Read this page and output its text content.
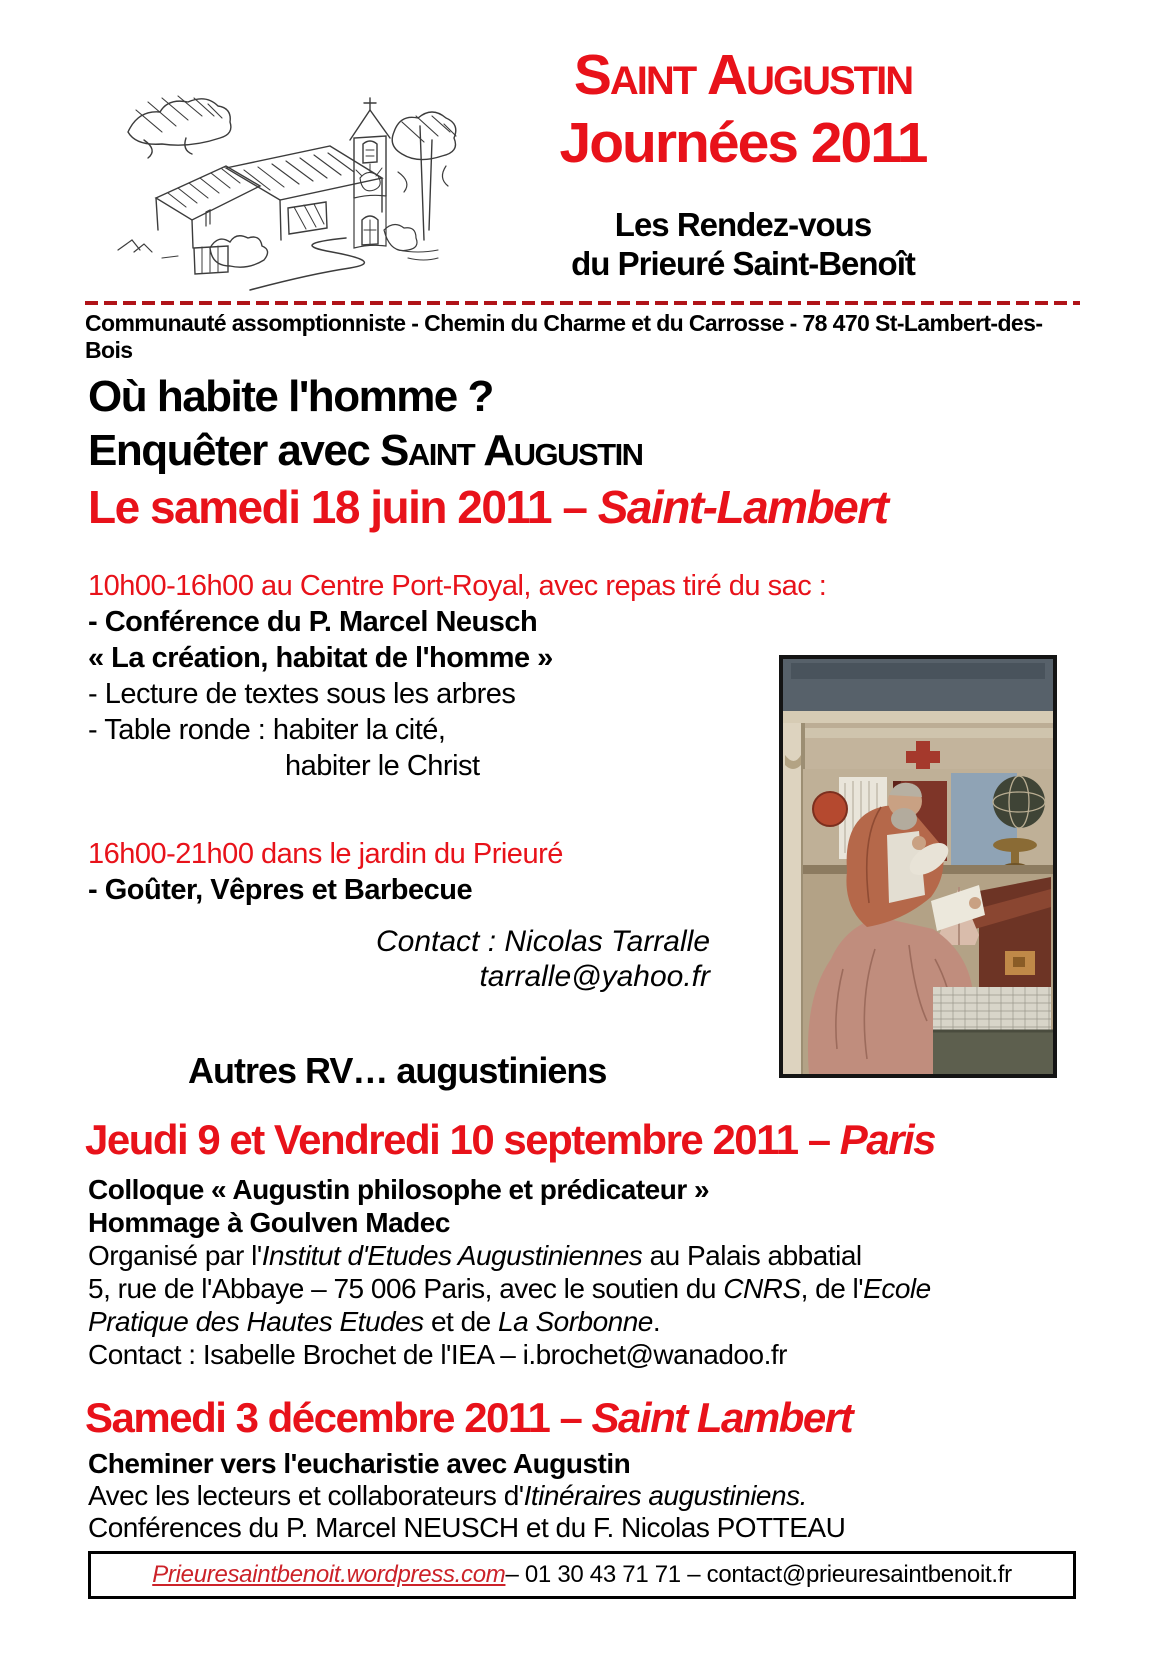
Saint Augustin
Journées 2011
Les Rendez-vous
du Prieuré Saint-Benoît
Communauté assomptionniste - Chemin du Charme et du Carrosse - 78 470 St-Lambert-des-Bois
Où habite l'homme ?
Enquêter avec Saint Augustin
Le samedi 18 juin 2011 – Saint-Lambert
10h00-16h00 au Centre Port-Royal, avec repas tiré du sac :
- Conférence du P. Marcel Neusch
« La création, habitat de l'homme »
- Lecture de textes sous les arbres
- Table ronde : habiter la cité,
habiter le Christ
16h00-21h00 dans le jardin du Prieuré
- Goûter, Vêpres et Barbecue
Contact : Nicolas Tarralle
tarralle@yahoo.fr
Autres RV… augustiniens
Jeudi 9 et Vendredi 10 septembre 2011 – Paris
Colloque « Augustin philosophe et prédicateur »
Hommage à Goulven Madec
Organisé par l'Institut d'Etudes Augustiniennes au Palais abbatial
5, rue de l'Abbaye – 75 006 Paris, avec le soutien du CNRS, de l'Ecole
Pratique des Hautes Etudes et de La Sorbonne.
Contact : Isabelle Brochet de l'IEA – i.brochet@wanadoo.fr
Samedi 3 décembre 2011 – Saint Lambert
Cheminer vers l'eucharistie avec Augustin
Avec les lecteurs et collaborateurs d'Itinéraires augustiniens.
Conférences du P. Marcel NEUSCH et du F. Nicolas POTTEAU
Prieuresaintbenoit.wordpress.com – 01 30 43 71 71 – contact@prieuresaintbenoit.fr
